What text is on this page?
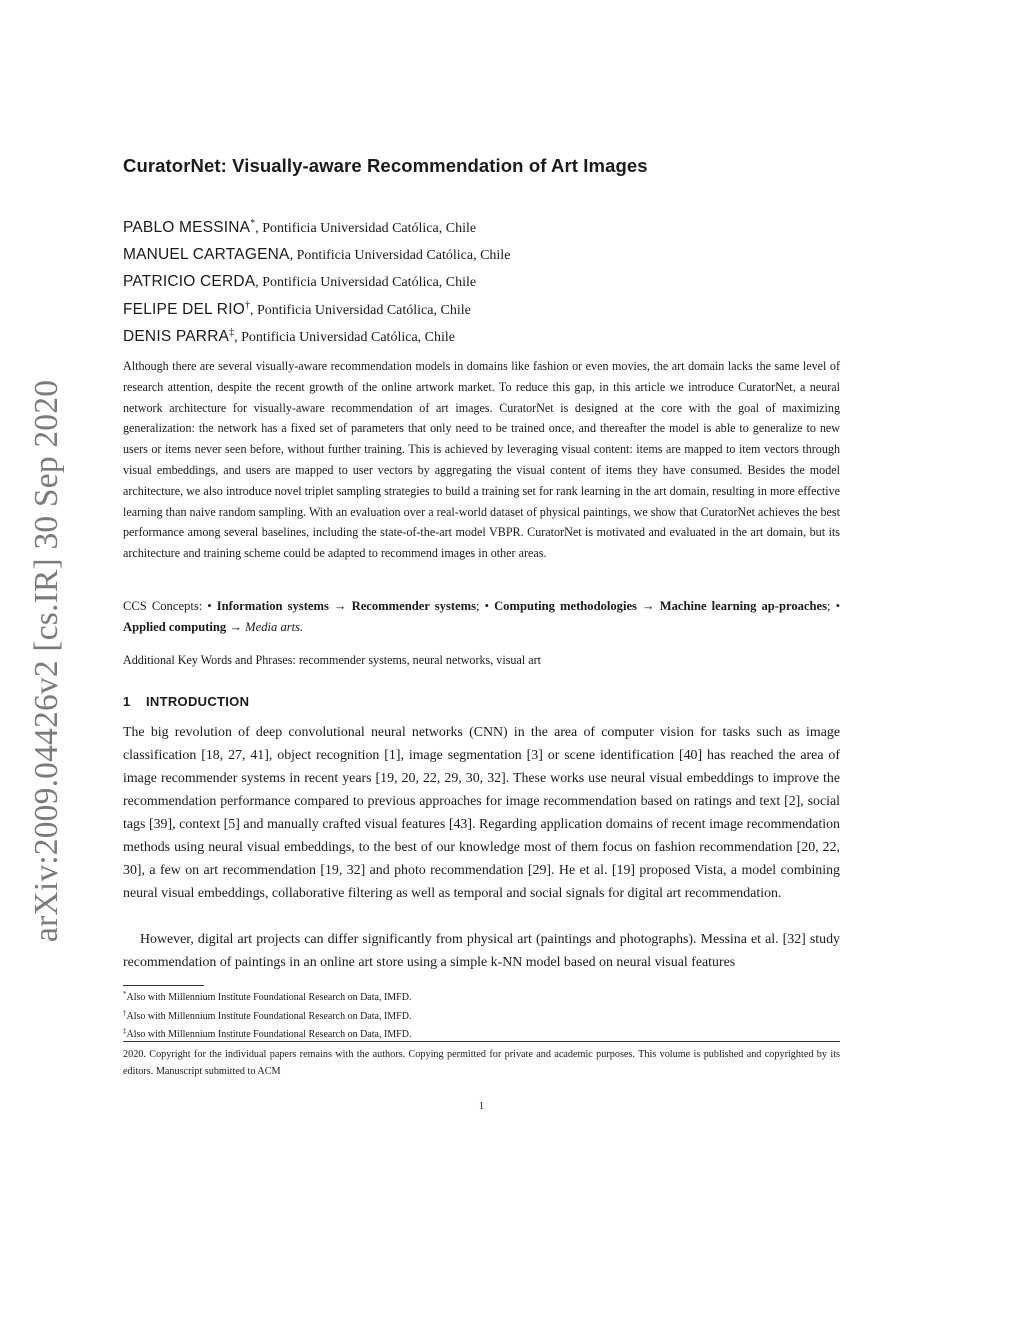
arXiv:2009.04426v2 [cs.IR] 30 Sep 2020
CuratorNet: Visually-aware Recommendation of Art Images
PABLO MESSINA*, Pontificia Universidad Católica, Chile
MANUEL CARTAGENA, Pontificia Universidad Católica, Chile
PATRICIO CERDA, Pontificia Universidad Católica, Chile
FELIPE DEL RIO†, Pontificia Universidad Católica, Chile
DENIS PARRA‡, Pontificia Universidad Católica, Chile

Although there are several visually-aware recommendation models in domains like fashion or even movies, the art domain lacks the same level of research attention, despite the recent growth of the online artwork market. To reduce this gap, in this article we introduce CuratorNet, a neural network architecture for visually-aware recommendation of art images. CuratorNet is designed at the core with the goal of maximizing generalization: the network has a fixed set of parameters that only need to be trained once, and thereafter the model is able to generalize to new users or items never seen before, without further training. This is achieved by leveraging visual content: items are mapped to item vectors through visual embeddings, and users are mapped to user vectors by aggregating the visual content of items they have consumed. Besides the model architecture, we also introduce novel triplet sampling strategies to build a training set for rank learning in the art domain, resulting in more effective learning than naive random sampling. With an evaluation over a real-world dataset of physical paintings, we show that CuratorNet achieves the best performance among several baselines, including the state-of-the-art model VBPR. CuratorNet is motivated and evaluated in the art domain, but its architecture and training scheme could be adapted to recommend images in other areas.

CCS Concepts: • Information systems → Recommender systems; • Computing methodologies → Machine learning ap-proaches; • Applied computing → Media arts.
Additional Key Words and Phrases: recommender systems, neural networks, visual art
1 INTRODUCTION

The big revolution of deep convolutional neural networks (CNN) in the area of computer vision for tasks such as image classification [18, 27, 41], object recognition [1], image segmentation [3] or scene identification [40] has reached the area of image recommender systems in recent years [19, 20, 22, 29, 30, 32]. These works use neural visual embeddings to improve the recommendation performance compared to previous approaches for image recommendation based on ratings and text [2], social tags [39], context [5] and manually crafted visual features [43]. Regarding application domains of recent image recommendation methods using neural visual embeddings, to the best of our knowledge most of them focus on fashion recommendation [20, 22, 30], a few on art recommendation [19, 32] and photo recommendation [29]. He et al. [19] proposed Vista, a model combining neural visual embeddings, collaborative filtering as well as temporal and social signals for digital art recommendation.

However, digital art projects can differ significantly from physical art (paintings and photographs). Messina et al. [32] study recommendation of paintings in an online art store using a simple k-NN model based on neural visual features

*Also with Millennium Institute Foundational Research on Data, IMFD.
†Also with Millennium Institute Foundational Research on Data, IMFD.
‡Also with Millennium Institute Foundational Research on Data, IMFD.
2020. Copyright for the individual papers remains with the authors. Copying permitted for private and academic purposes. This volume is published and copyrighted by its editors. Manuscript submitted to ACM
1
